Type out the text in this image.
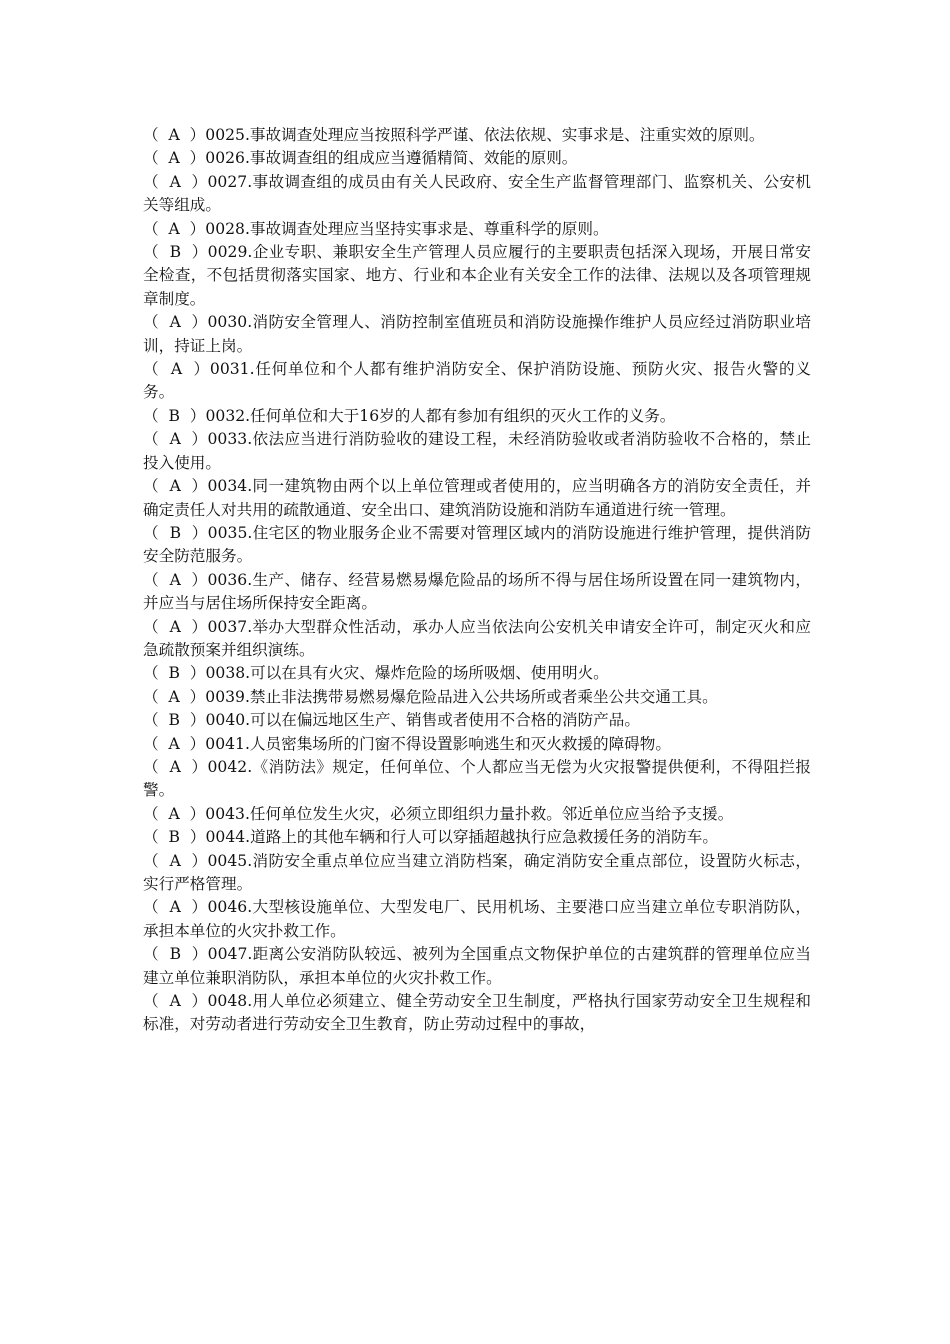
（  A  ）0025.事故调查处理应当按照科学严谨、依法依规、实事求是、注重实效的原则。

（  A  ）0026.事故调查组的组成应当遵循精简、效能的原则。

（  A  ）0027.事故调查组的成员由有关人民政府、安全生产监督管理部门、监察机关、公安机关等组成。

（  A  ）0028.事故调查处理应当坚持实事求是、尊重科学的原则。

（  B  ）0029.企业专职、兼职安全生产管理人员应履行的主要职责包括深入现场，开展日常安全检查，不包括贯彻落实国家、地方、行业和本企业有关安全工作的法律、法规以及各项管理规章制度。

（  A  ）0030.消防安全管理人、消防控制室值班员和消防设施操作维护人员应经过消防职业培训，持证上岗。

（  A  ）0031.任何单位和个人都有维护消防安全、保护消防设施、预防火灾、报告火警的义务。

（  B  ）0032.任何单位和大于16岁的人都有参加有组织的灭火工作的义务。

（  A  ）0033.依法应当进行消防验收的建设工程，未经消防验收或者消防验收不合格的，禁止投入使用。

（  A  ）0034.同一建筑物由两个以上单位管理或者使用的，应当明确各方的消防安全责任，并确定责任人对共用的疏散通道、安全出口、建筑消防设施和消防车通道进行统一管理。

（  B  ）0035.住宅区的物业服务企业不需要对管理区域内的消防设施进行维护管理，提供消防安全防范服务。

（  A  ）0036.生产、储存、经营易燃易爆危险品的场所不得与居住场所设置在同一建筑物内，并应当与居住场所保持安全距离。

（  A  ）0037.举办大型群众性活动，承办人应当依法向公安机关申请安全许可，制定灭火和应急疏散预案并组织演练。

（  B  ）0038.可以在具有火灾、爆炸危险的场所吸烟、使用明火。

（  A  ）0039.禁止非法携带易燃易爆危险品进入公共场所或者乘坐公共交通工具。

（  B  ）0040.可以在偏远地区生产、销售或者使用不合格的消防产品。

（  A  ）0041.人员密集场所的门窗不得设置影响逃生和灭火救援的障碍物。

（  A  ）0042.《消防法》规定，任何单位、个人都应当无偿为火灾报警提供便利，不得阻拦报警。

（  A  ）0043.任何单位发生火灾，必须立即组织力量扑救。邻近单位应当给予支援。

（  B  ）0044.道路上的其他车辆和行人可以穿插超越执行应急救援任务的消防车。

（  A  ）0045.消防安全重点单位应当建立消防档案，确定消防安全重点部位，设置防火标志，实行严格管理。

（  A  ）0046.大型核设施单位、大型发电厂、民用机场、主要港口应当建立单位专职消防队，承担本单位的火灾扑救工作。

（  B  ）0047.距离公安消防队较远、被列为全国重点文物保护单位的古建筑群的管理单位应当建立单位兼职消防队，承担本单位的火灾扑救工作。

（  A  ）0048.用人单位必须建立、健全劳动安全卫生制度，严格执行国家劳动安全卫生规程和标准，对劳动者进行劳动安全卫生教育，防止劳动过程中的事故，
